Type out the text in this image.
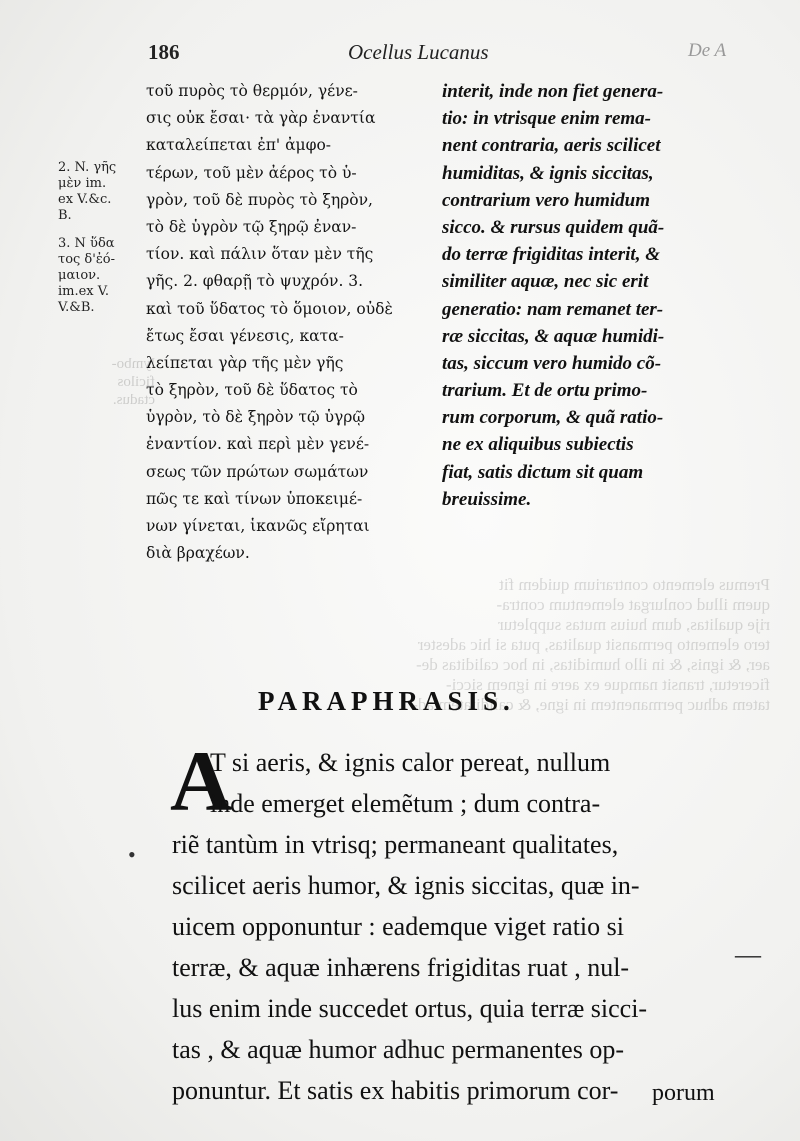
186	Ocellus Lucanus	De A
2. N. γῆς
μὲν im.
ex V.&c.
B.
3. N ὕδα
τος δ'ἐό-
μαιον.
im.ex V.
V.&B.
lymbo-
ficilos
ctadus.
τοῦ πυρὸς τὸ θερμόν, γένε-
σις οὐκ ἔσαι· τὰ γὰρ ἐναντία
καταλείπεται ἐπ' ἀμφο-
τέρων, τοῦ μὲν ἀέρος τὸ ὑ-
γρὸν, τοῦ δὲ πυρὸς τὸ ξηρὸν,
τὸ δὲ ὑγρὸν τῷ ξηρῷ ἐναν-
τίον. καὶ πάλιν ὅταν μὲν τῆς
γῆς. 2. φθαρῇ τὸ ψυχρόν. 3.
καὶ τοῦ ὕδατος τὸ ὅμοιον, οὐδὲ
ἔτως ἔσαι γένεσις, κατα-
λείπεται γὰρ τῆς μὲν γῆς
τὸ ξηρὸν, τοῦ δὲ ὕδατος τὸ
ὑγρὸν, τὸ δὲ ξηρὸν τῷ ὑγρῷ
ἐναντίον. καὶ περὶ μὲν γενέ-
σεως τῶν πρώτων σωμάτων
πῶς τε καὶ τίνων ὑποκειμέ-
νων γίνεται, ἱκανῶς εἴρηται
διὰ βραχέων.
interit, inde non fiet genera-
tio: in vtrisque enim rema-
nent contraria, aeris scilicet
humiditas, & ignis siccitas,
contrarium vero humidum
sicco. & rursus quidem quã-
do terræ frigiditas interit, &
similiter aquæ, nec sic erit
generatio: nam remanet ter-
ræ siccitas, & aquæ humidi-
tas, siccum vero humido cõ-
trarium. Et de ortu primo-
rum corporum, & quã ratio-
ne ex aliquibus subiectis
fiat, satis dictum sit quam
breuissime.
Premus elemento contrarium quidem fit
quem illud conlurgat elementum contra-
rije qualitas, dum huius mutas suppletur
tero elemento permansit qualitas, puta si hic adester
aer, & ignis, & in illo humiditas, in hoc caliditas de-
ficeretur, transit namque ex aere in ignem sicci-
tatem adhuc permanentem in igne, & caliditatem ad-
PARAPHRASIS.
A
T si aeris, & ignis calor pereat, nullum
inde emerget elemẽtum ; dum contra-
riẽ tantùm in vtrisq; permaneant qualitates,
scilicet aeris humor, & ignis siccitas, quæ in-
uicem opponuntur : eademque viget ratio si
terræ, & aquæ inhærens frigiditas ruat , nul-
lus enim inde succedet ortus, quia terræ sicci-
tas , & aquæ humor adhuc permanentes op-
ponuntur. Et satis ex habitis primorum cor-	porum
•
—
